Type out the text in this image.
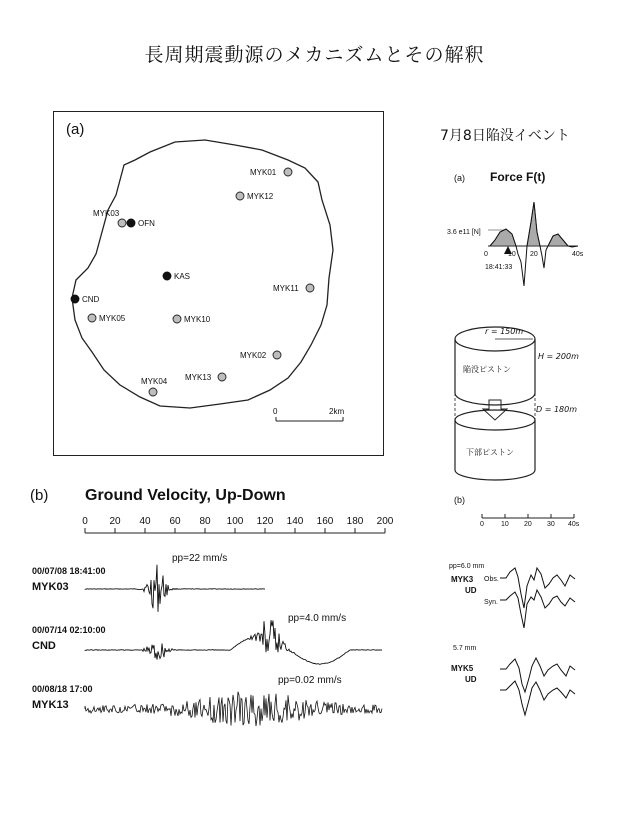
長周期震動源のメカニズムとその解釈
(a)
MYK01
MYK12
MYK03
OFN
KAS
CND
MYK05	MYK10
MYK11
MYK02
MYK13
MYK04
0	2km
7月8日陥没イベント
(a) Force F(t)
3.6 e11 [N]
0	10 20	40s
18:41:33
r = 150m
H = 200m
陥没ピストン
D = 180m
下部ピストン
(b)
0 10 20 30 40s
pp=6.0 mm
MYK3
UD
Obs.
Syn.
5.7 mm
MYK5
UD
(b) Ground Velocity, Up-Down
0 20 40 60 80 100 120 140 160 180 200
00/07/08 18:41:00
MYK03
pp=22 mm/s
00/07/14 02:10:00
CND
pp=4.0 mm/s
00/08/18 17:00
MYK13
pp=0.02 mm/s
